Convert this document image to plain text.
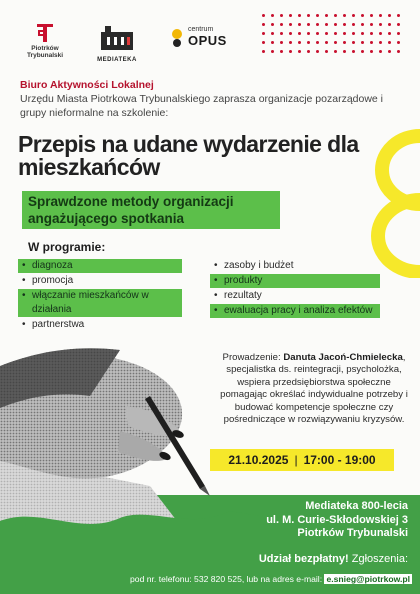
Piotrków Trybunalski
MEDIATEKA
centrum
OPUS
Biuro Aktywności Lokalnej
Urzędu Miasta Piotrkowa Trybunalskiego zaprasza organizacje pozarządowe i grupy nieformalne na szkolenie:
Przepis na udane wydarzenie dla mieszkańców
Sprawdzone metody organizacji
angażującego spotkania
W programie:
• diagnoza
• promocja
• włączanie mieszkańców w działania
• partnerstwa
• zasoby i budżet
• produkty
• rezultaty
• ewaluacja pracy i analiza efektów
Prowadzenie: Danuta Jacoń-Chmielecka, specjalistka ds. reintegracji, psycholożka, wspiera przedsiębiorstwa społeczne pomagając określać indywidualne potrzeby i budować kompetencje społeczne czy pośredniczące w rozwiązywaniu kryzysów.
21.10.2025 | 17:00 - 19:00
Mediateka 800-lecia
ul. M. Curie-Skłodowskiej 3
Piotrków Trybunalski
Udział bezpłatny! Zgłoszenia:
pod nr. telefonu: 532 820 525, lub na adres e-mail: e.snieg@piotrkow.pl
